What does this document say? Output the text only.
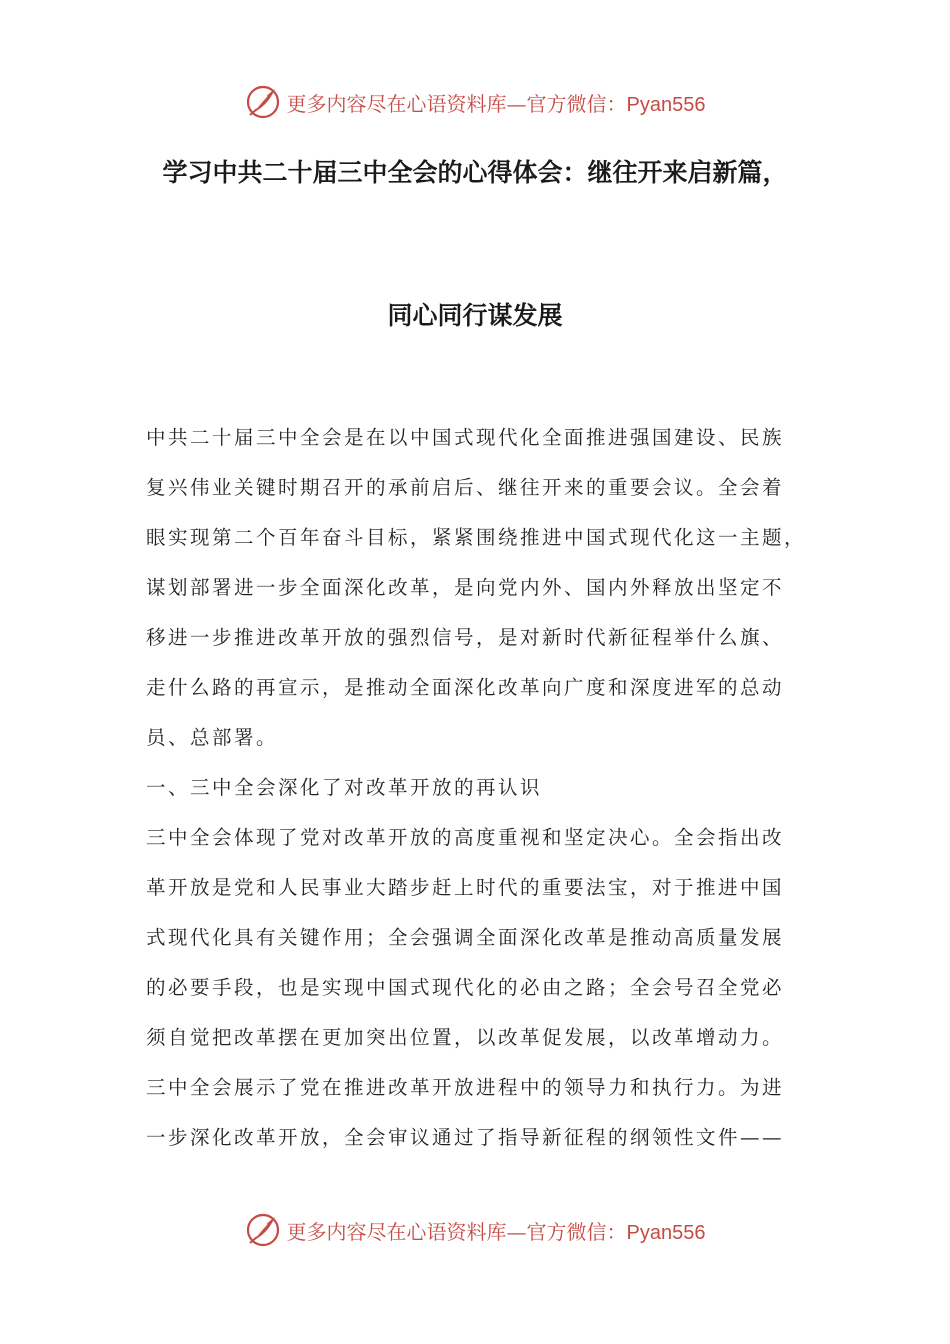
更多内容尽在心语资料库—官方微信：Pyan556
学习中共二十届三中全会的心得体会：继往开来启新篇，
同心同行谋发展
中共二十届三中全会是在以中国式现代化全面推进强国建设、民族
复兴伟业关键时期召开的承前启后、继往开来的重要会议。全会着
眼实现第二个百年奋斗目标，紧紧围绕推进中国式现代化这一主题，
谋划部署进一步全面深化改革，是向党内外、国内外释放出坚定不
移进一步推进改革开放的强烈信号，是对新时代新征程举什么旗、
走什么路的再宣示，是推动全面深化改革向广度和深度进军的总动
员、总部署。
一、三中全会深化了对改革开放的再认识
三中全会体现了党对改革开放的高度重视和坚定决心。全会指出改
革开放是党和人民事业大踏步赶上时代的重要法宝，对于推进中国
式现代化具有关键作用；全会强调全面深化改革是推动高质量发展
的必要手段，也是实现中国式现代化的必由之路；全会号召全党必
须自觉把改革摆在更加突出位置，以改革促发展，以改革增动力。
三中全会展示了党在推进改革开放进程中的领导力和执行力。为进
一步深化改革开放，全会审议通过了指导新征程的纲领性文件——
更多内容尽在心语资料库—官方微信：Pyan556
